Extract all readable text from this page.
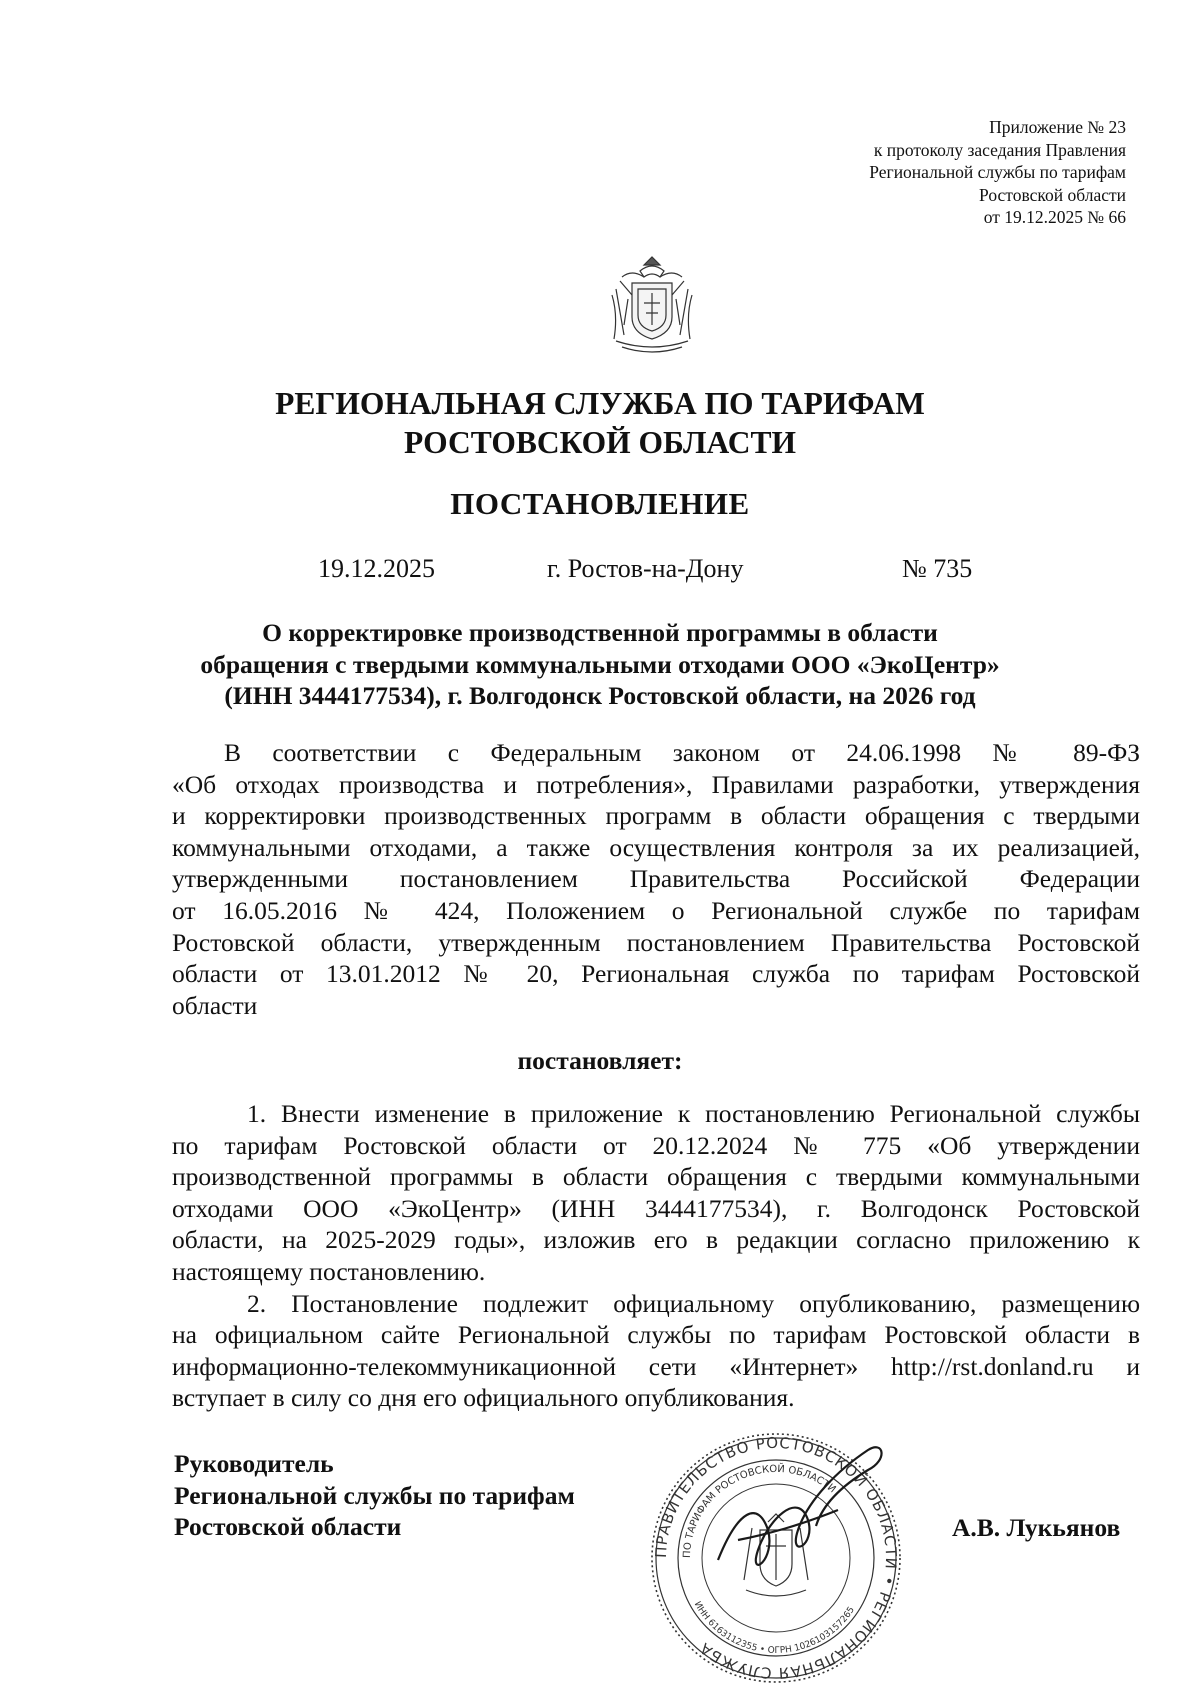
Приложение № 23
к протоколу заседания Правления
Региональной службы по тарифам
Ростовской области
от 19.12.2025 № 66
РЕГИОНАЛЬНАЯ СЛУЖБА ПО ТАРИФАМ
РОСТОВСКОЙ ОБЛАСТИ
ПОСТАНОВЛЕНИЕ
19.12.2025	г. Ростов-на-Дону	№ 735
О корректировке производственной программы в области
обращения с твердыми коммунальными отходами ООО «ЭкоЦентр»
(ИНН 3444177534), г. Волгодонск Ростовской области, на 2026 год
В соответствии с Федеральным законом от 24.06.1998 № 89-ФЗ
«Об отходах производства и потребления», Правилами разработки, утверждения
и корректировки производственных программ в области обращения с твердыми
коммунальными отходами, а также осуществления контроля за их реализацией,
утвержденными постановлением Правительства Российской Федерации
от 16.05.2016 № 424, Положением о Региональной службе по тарифам
Ростовской области, утвержденным постановлением Правительства Ростовской
области от 13.01.2012 № 20, Региональная служба по тарифам Ростовской
области
постановляет:
1. Внести изменение в приложение к постановлению Региональной службы
по тарифам Ростовской области от 20.12.2024 № 775 «Об утверждении
производственной программы в области обращения с твердыми коммунальными
отходами ООО «ЭкоЦентр» (ИНН 3444177534), г. Волгодонск Ростовской
области, на 2025-2029 годы», изложив его в редакции согласно приложению к
настоящему постановлению.
2. Постановление подлежит официальному опубликованию, размещению
на официальном сайте Региональной службы по тарифам Ростовской области в
информационно-телекоммуникационной сети «Интернет» http://rst.donland.ru и
вступает в силу со дня его официального опубликования.
Руководитель
Региональной службы по тарифам
Ростовской области
ПРАВИТЕЛЬСТВО РОСТОВСКОЙ ОБЛАСТИ • РЕГИОНАЛЬНАЯ СЛУЖБА
ПО ТАРИФАМ РОСТОВСКОЙ ОБЛАСТИ
ИНН 6163112355 • ОГРН 1026103157265
А.В. Лукьянов
